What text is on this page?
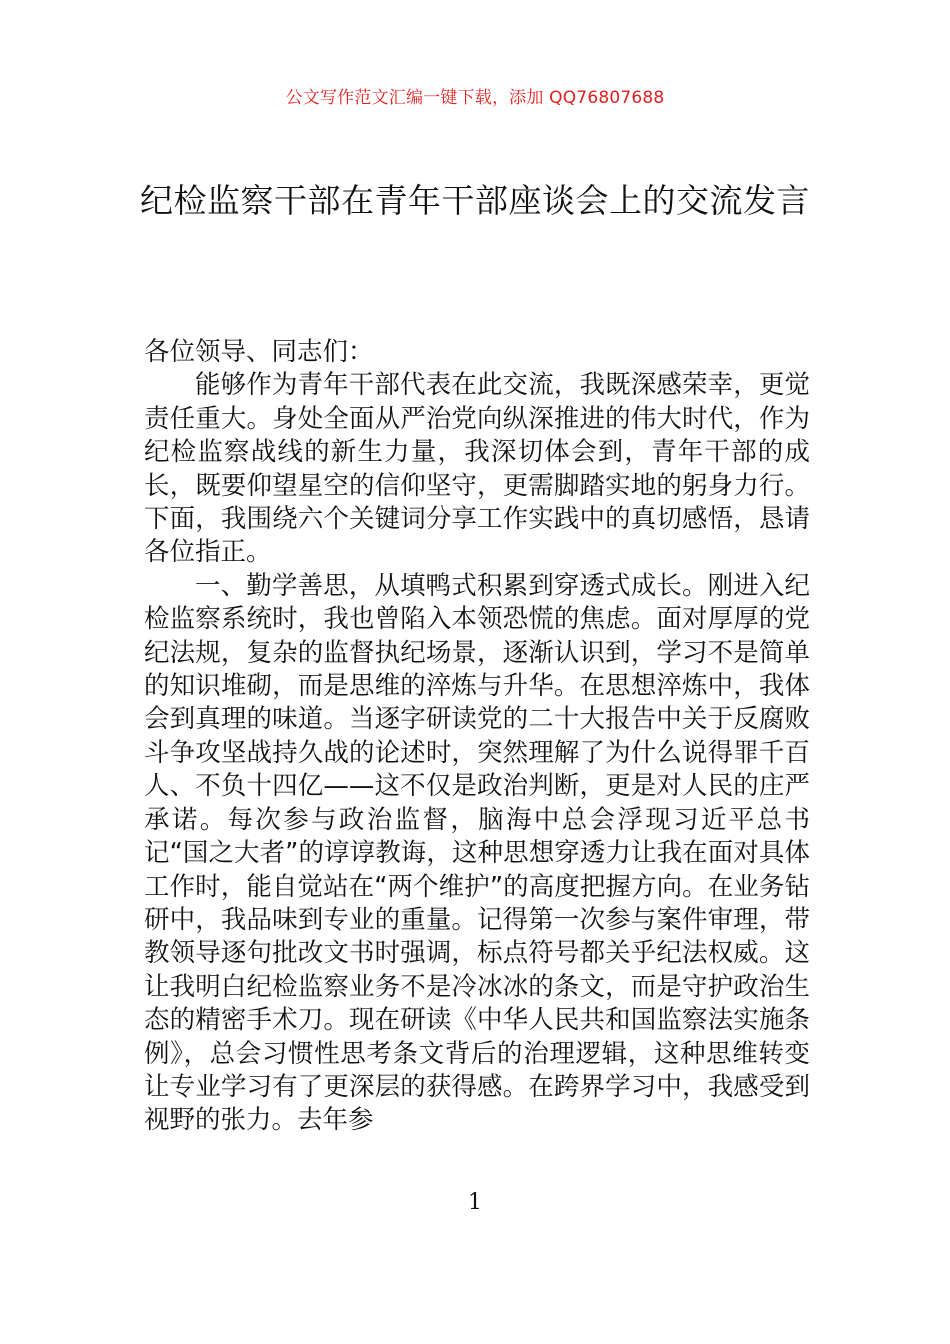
公文写作范文汇编一键下载，添加 QQ76807688
纪检监察干部在青年干部座谈会上的交流发言

各位领导、同志们：

能够作为青年干部代表在此交流，我既深感荣幸，更觉责任重大。身处全面从严治党向纵深推进的伟大时代，作为纪检监察战线的新生力量，我深切体会到，青年干部的成长，既要仰望星空的信仰坚守，更需脚踏实地的躬身力行。下面，我围绕六个关键词分享工作实践中的真切感悟，恳请各位指正。

一、勤学善思，从填鸭式积累到穿透式成长。刚进入纪检监察系统时，我也曾陷入本领恐慌的焦虑。面对厚厚的党纪法规，复杂的监督执纪场景，逐渐认识到，学习不是简单的知识堆砌，而是思维的淬炼与升华。在思想淬炼中，我体会到真理的味道。当逐字研读党的二十大报告中关于反腐败斗争攻坚战持久战的论述时，突然理解了为什么说得罪千百人、不负十四亿——这不仅是政治判断，更是对人民的庄严承诺。每次参与政治监督，脑海中总会浮现习近平总书记“国之大者”的谆谆教诲，这种思想穿透力让我在面对具体工作时，能自觉站在“两个维护”的高度把握方向。在业务钻研中，我品味到专业的重量。记得第一次参与案件审理，带教领导逐句批改文书时强调，标点符号都关乎纪法权威。这让我明白纪检监察业务不是冷冰冰的条文，而是守护政治生态的精密手术刀。现在研读《中华人民共和国监察法实施条例》，总会习惯性思考条文背后的治理逻辑，这种思维转变让专业学习有了更深层的获得感。在跨界学习中，我感受到视野的张力。去年参

1
